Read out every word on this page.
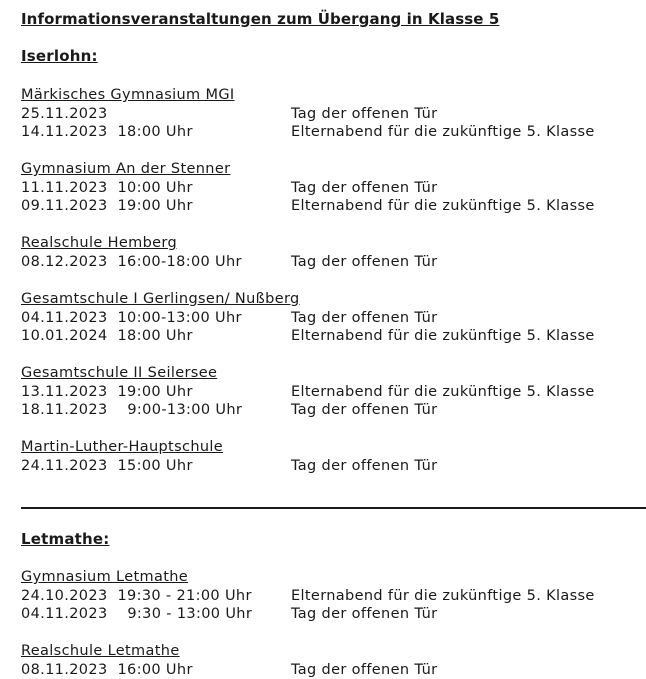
Informationsveranstaltungen zum Übergang in Klasse 5
Iserlohn:
Märkisches Gymnasium MGI
25.11.2023	Tag der offenen Tür
14.11.2023  18:00 Uhr	Elternabend für die zukünftige 5. Klasse
Gymnasium An der Stenner
11.11.2023  10:00 Uhr	Tag der offenen Tür
09.11.2023  19:00 Uhr	Elternabend für die zukünftige 5. Klasse
Realschule Hemberg
08.12.2023  16:00-18:00 Uhr	Tag der offenen Tür
Gesamtschule I Gerlingsen/ Nußberg
04.11.2023  10:00-13:00 Uhr	Tag der offenen Tür
10.01.2024  18:00 Uhr	Elternabend für die zukünftige 5. Klasse
Gesamtschule II Seilersee
13.11.2023  19:00 Uhr	Elternabend für die zukünftige 5. Klasse
18.11.2023    9:00-13:00 Uhr	Tag der offenen Tür
Martin-Luther-Hauptschule
24.11.2023  15:00 Uhr	Tag der offenen Tür
Letmathe:
Gymnasium Letmathe
24.10.2023  19:30 - 21:00 Uhr	Elternabend für die zukünftige 5. Klasse
04.11.2023    9:30 - 13:00 Uhr	Tag der offenen Tür
Realschule Letmathe
08.11.2023  16:00 Uhr	Tag der offenen Tür
